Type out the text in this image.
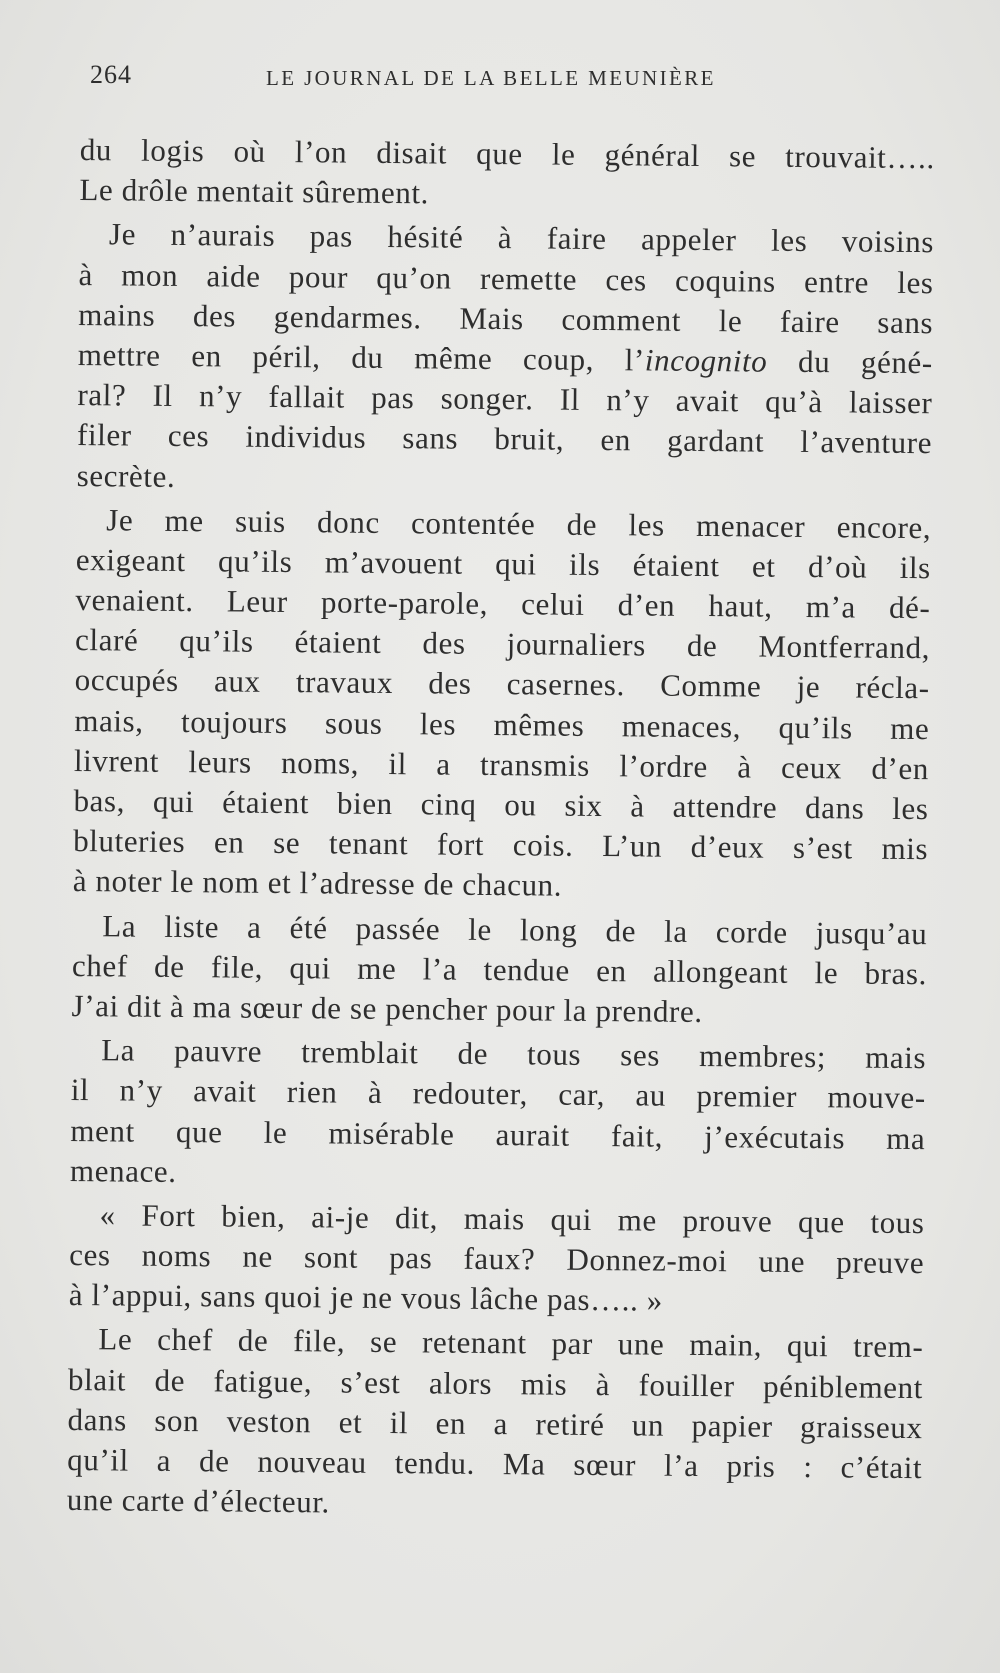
264	LE JOURNAL DE LA BELLE MEUNIÈRE
du logis où l’on disait que le général se trouvait…..
Le drôle mentait sûrement.
Je n’aurais pas hésité à faire appeler les voisins
à mon aide pour qu’on remette ces coquins entre les
mains des gendarmes. Mais comment le faire sans
mettre en péril, du même coup, l’incognito du géné-
ral? Il n’y fallait pas songer. Il n’y avait qu’à laisser
filer ces individus sans bruit, en gardant l’aventure
secrète.
Je me suis donc contentée de les menacer encore,
exigeant qu’ils m’avouent qui ils étaient et d’où ils
venaient. Leur porte-parole, celui d’en haut, m’a dé-
claré qu’ils étaient des journaliers de Montferrand,
occupés aux travaux des casernes. Comme je récla-
mais, toujours sous les mêmes menaces, qu’ils me
livrent leurs noms, il a transmis l’ordre à ceux d’en
bas, qui étaient bien cinq ou six à attendre dans les
bluteries en se tenant fort cois. L’un d’eux s’est mis
à noter le nom et l’adresse de chacun.
La liste a été passée le long de la corde jusqu’au
chef de file, qui me l’a tendue en allongeant le bras.
J’ai dit à ma sœur de se pencher pour la prendre.
La pauvre tremblait de tous ses membres; mais
il n’y avait rien à redouter, car, au premier mouve-
ment que le misérable aurait fait, j’exécutais ma
menace.
« Fort bien, ai-je dit, mais qui me prouve que tous
ces noms ne sont pas faux? Donnez-moi une preuve
à l’appui, sans quoi je ne vous lâche pas….. »
Le chef de file, se retenant par une main, qui trem-
blait de fatigue, s’est alors mis à fouiller péniblement
dans son veston et il en a retiré un papier graisseux
qu’il a de nouveau tendu. Ma sœur l’a pris : c’était
une carte d’électeur.
